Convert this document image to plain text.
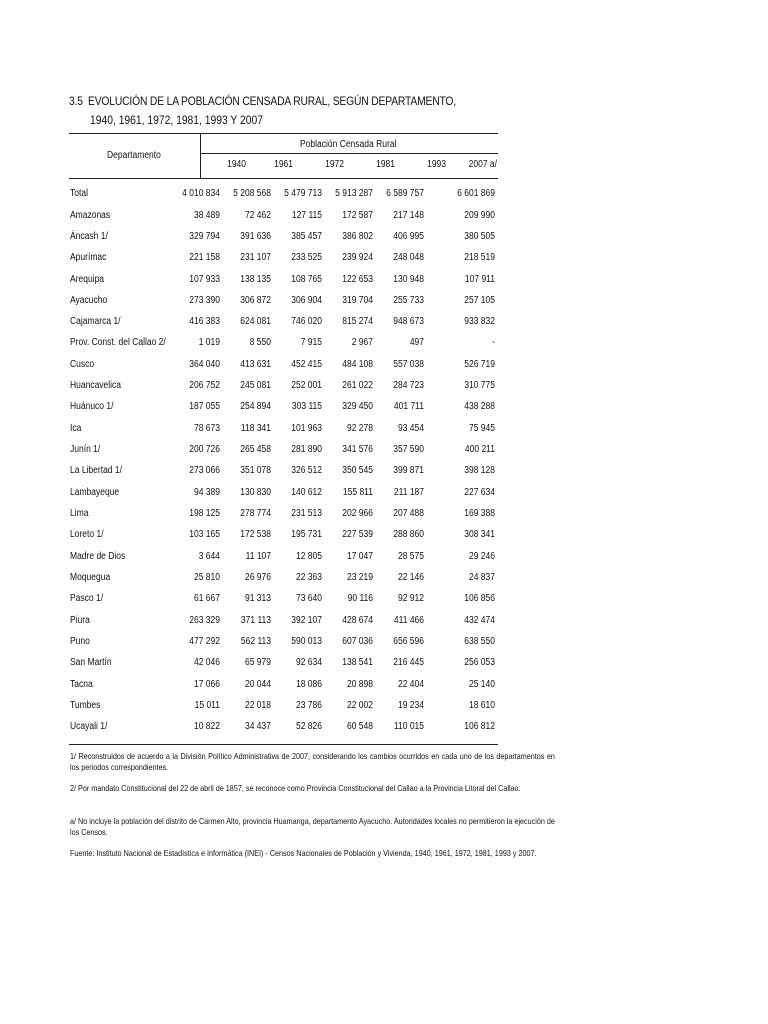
3.5 EVOLUCIÓN DE LA POBLACIÓN CENSADA RURAL, SEGÚN DEPARTAMENTO,
1940, 1961, 1972, 1981, 1993 Y 2007
Departamento
Población Censada Rural
1940	1961	1972	1981	1993	2007 a/
Total	4 010 834	5 208 568	5 479 713	5 913 287	6 589 757	6 601 869
Amazonas	38 489	72 462	127 115	172 587	217 148	209 990
Áncash 1/	329 794	391 636	385 457	386 802	406 995	380 505
Apurímac	221 158	231 107	233 525	239 924	248 048	218 519
Arequipa	107 933	138 135	108 765	122 653	130 948	107 911
Ayacucho	273 390	306 872	306 904	319 704	255 733	257 105
Cajamarca 1/	416 383	624 081	746 020	815 274	948 673	933 832
Prov. Const. del Callao 2/	1 019	8 550	7 915	2 967	497	-
Cusco	364 040	413 631	452 415	484 108	557 038	526 719
Huancavelica	206 752	245 081	252 001	261 022	284 723	310 775
Huánuco 1/	187 055	254 894	303 115	329 450	401 711	438 288
Ica	78 673	118 341	101 963	92 278	93 454	75 945
Junín 1/	200 726	265 458	281 890	341 576	357 590	400 211
La Libertad 1/	273 066	351 078	326 512	350 545	399 871	398 128
Lambayeque	94 389	130 830	140 612	155 811	211 187	227 634
Lima	198 125	278 774	231 513	202 966	207 488	169 388
Loreto 1/	103 165	172 538	195 731	227 539	288 860	308 341
Madre de Dios	3 644	11 107	12 805	17 047	28 575	29 246
Moquegua	25 810	26 976	22 363	23 219	22 146	24 837
Pasco 1/	61 667	91 313	73 640	90 116	92 912	106 856
Piura	263 329	371 113	392 107	428 674	411 466	432 474
Puno	477 292	562 113	590 013	607 036	656 596	638 550
San Martín	42 046	65 979	92 634	138 541	216 445	256 053
Tacna	17 066	20 044	18 086	20 898	22 404	25 140
Tumbes	15 011	22 018	23 786	22 002	19 234	18 610
Ucayali 1/	10 822	34 437	52 826	60 548	110 015	106 812
1/ Reconstruidos de acuerdo a la División Político Administrativa de 2007, considerando los cambios ocurridos en cada uno de los departamentos en los periodos correspondientes.
2/ Por mandato Constitucional del 22 de abril de 1857, se reconoce como Provincia Constitucional del Callao a la Provincia Litoral del Callao.
a/ No incluye la población del distrito de Carmen Alto, provincia Huamanga, departamento Ayacucho. Autoridades locales no permitieron la ejecución de los Censos.
Fuente: Instituto Nacional de Estadística e Informática (INEI) - Censos Nacionales de Población y Vivienda, 1940, 1961, 1972, 1981, 1993 y 2007.
